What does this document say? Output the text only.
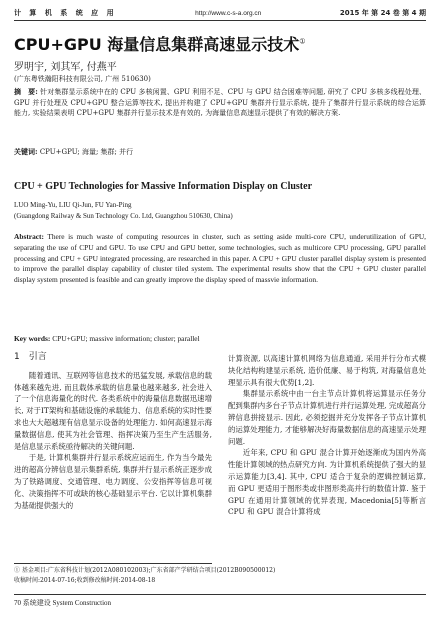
计 算 机 系 统 应 用	http://www.c-s-a.org.cn	2015 年 第 24 卷 第 4 期
CPU+GPU 海量信息集群高速显示技术①
罗明宇, 刘其军, 付燕平
(广东粤铁瀚阳科技有限公司, 广州 510630)
摘　要: 针对集群显示系统中在的 CPU 多核闲置、GPU 利用不足、CPU 与 GPU 结合困难等问题, 研究了 CPU 多核多线程处理、GPU 并行处理及 CPU+GPU 整合运算等技术, 提出并构建了 CPU+GPU 集群并行显示系统, 提升了集群并行显示系统的综合运算能力, 实验结果表明 CPU+GPU 集群并行显示技术是有效的, 为海量信息高速显示提供了有效的解决方案.
关键词: CPU+GPU; 海量; 集群; 并行
CPU + GPU Technologies for Massive Information Display on Cluster
LUO Ming-Yu, LIU Qi-Jun, FU Yan-Ping
(Guangdong Railway & Sun Technology Co. Ltd, Guangzhou 510630, China)
Abstract: There is much waste of computing resources in cluster, such as setting aside multi-core CPU, underutilization of GPU, separating the use of CPU and GPU. To use CPU and GPU better, some technologies, such as multicore CPU processing, GPU parallel processing and CPU + GPU integrated processing, are researched in this paper. A CPU + GPU cluster parallel display system is presented to improve the parallel display capability of cluster tiled system. The experimental results show that the CPU + GPU cluster parallel display system presented is feasible and can greatly improve the display speed of massvie information.
Key words: CPU+GPU; massive information; cluster; parallel
1　引言

随着通讯、互联网等信息技术的迅猛发展, 承载信息的载体越来越先进, 而且载体承载的信息量也越来越多, 社会进入了一个信息海量化的时代. 各类系统中的海量信息数据迅速增长, 对于IT架构和基础设施的承载能力、信息系统的实时性要求也大大超越现有信息显示设备的处理能力. 如何高速显示海量数据信息, 使其为社会管理、指挥决策乃至生产生活服务, 是信息显示系统亟待解决的关键问题.

于是, 计算机集群并行显示系统应运而生, 作为当今最先进的超高分辨信息显示集群系统, 集群并行显示系统正逐步成为了铁路调度、交通管理、电力调度、公安指挥等信息可视化、决策指挥不可或缺的核心基础显示平台. 它以计算机集群为基础提供强大的

计算资源, 以高速计算机网络为信息通道, 采用并行分布式模块化结构构建显示系统, 造价低廉、易于构筑, 对海量信息处理显示具有很大优势[1,2].

集群显示系统中由一台主节点计算机将运算显示任务分配到集群内多台子节点计算机进行并行运算处理, 完成超高分辨信息拼接显示. 因此, 必须挖掘并充分发挥各子节点计算机的运算处理能力, 才能够解决好海量数据信息的高速显示处理问题.

近年来, CPU 和 GPU 混合计算开始逐渐成为国内外高性能计算领域的热点研究方向. 为计算机系统提供了强大的显示运算能力[3,4]. 其中, CPU 适合于复杂的逻辑控制运算, 而 GPU 更适用于图形类或非图形类高并行的数值计算. 鉴于 GPU 在通用计算领域的优异表现, Macedonia[5]等断言 CPU 和 GPU 混合计算将成

① 基金项目:广东省科技计划(2012A080102003);广东省部产学研结合项目(2012B090500012)
收稿时间:2014-07-16;收到修改稿时间:2014-08-18
70 系统建设 System Construction
